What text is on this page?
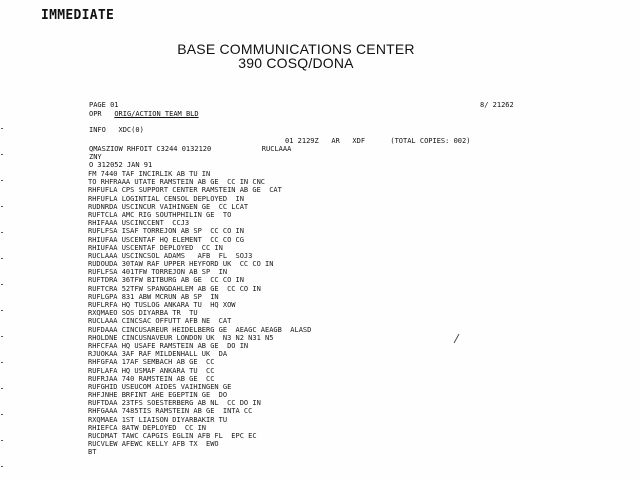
IMMEDIATE
BASE COMMUNICATIONS CENTER
390 COSQ/DONA
PAGE 01	8/ 21262
OPR ORIG/ACTION TEAM BLD
INFO   XDC(0)
01 2129Z   AR   XDF      (TOTAL COPIES: 002)
QMASZIOW RHFOIT C3244 0132120	RUCLAAA
ZNY
O 312052 JAN 91
FM 7440 TAF INCIRLIK AB TU IN
TO RHFRAAA UTATE RAMSTEIN AB GE  CC IN CNC
RHFUFLA CPS SUPPORT CENTER RAMSTEIN AB GE  CAT
RHFUFLA LOGINTIAL CENSOL DEPLOYED  IN
RUDNRDA USCINCUR VAIHINGEN GE  CC LCAT
RUFTCLA AMC RIG SOUTHPHILIN GE  TO
RHIFAAA USCINCCENT  CCJ3
RUFLFSA ISAF TORREJON AB SP  CC CO IN
RHIUFAA USCENTAF HQ ELEMENT  CC CO CG
RHIUFAA USCENTAF DEPLOYED  CC IN
RUCLAAA USCINCSOL ADAMS   AFB  FL  SOJ3
RUDOUDA 30TAW RAF UPPER HEYFORD UK  CC CO IN
RUFLFSA 401TFW TORREJON AB SP  IN
RUFTDRA 36TFW BITBURG AB GE  CC CO IN
RUFTCRA 52TFW SPANGDAHLEM AB GE  CC CO IN
RUFLGPA 831 ABW MCRUN AB SP  IN
RUFLRFA HQ TUSLOG ANKARA TU  HQ XOW
RXQMAEO SOS DIYARBA TR  TU
RUCLAAA CINCSAC OFFUTT AFB NE  CAT
RUFDAAA CINCUSAREUR HEIDELBERG GE  AEAGC AEAGB  ALASD
RHOLDNE CINCUSNAVEUR LONDON UK  N3 N2 N31 N5
RHFCFAA HQ USAFE RAMSTEIN AB GE  DO IN
RJUOKAA 3AF RAF MILDENHALL UK  DA
RHFGFAA 17AF SEMBACH AB GE  CC
RUFLAFA HQ USMAF ANKARA TU  CC
RUFRJAA 740 RAMSTEIN AB GE  CC
RUFGHID USEUCOM AIDES VAIHINGEN GE
RHFJNHE BRFINT AHE EGEPTIN GE  DO
RUFTDAA 23TFS SOESTERBERG AB NL  CC DO IN
RHFGAAA 7485TIS RAMSTEIN AB GE  INTA CC
RXQMAEA 1ST LIAISON DIYARBAKIR TU
RHIEFCA 8ATW DEPLOYED  CC IN
RUCDMAT TAWC CAPGIS EGLIN AFB FL  EPC EC
RUCVLEW AFEWC KELLY AFB TX  EWO
BT
